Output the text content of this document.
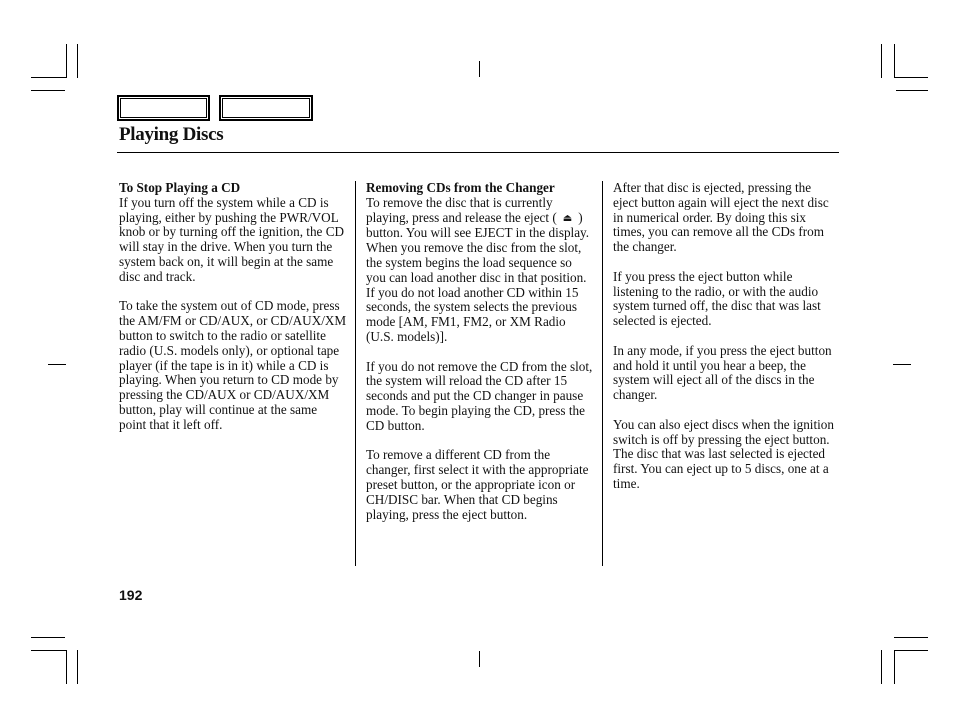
Playing Discs
To Stop Playing a CD

If you turn off the system while a CD is playing, either by pushing the PWR/VOL knob or by turning off the ignition, the CD will stay in the drive. When you turn the system back on, it will begin at the same disc and track.

To take the system out of CD mode, press the AM/FM or CD/AUX, or CD/AUX/XM button to switch to the radio or satellite radio (U.S. models only), or optional tape player (if the tape is in it) while a CD is playing. When you return to CD mode by pressing the CD/AUX or CD/AUX/XM button, play will continue at the same point that it left off.

Removing CDs from the Changer

To remove the disc that is currently playing, press and release the eject ( ⏏ ) button. You will see EJECT in the display. When you remove the disc from the slot, the system begins the load sequence so you can load another disc in that position. If you do not load another CD within 15 seconds, the system selects the previous mode [AM, FM1, FM2, or XM Radio (U.S. models)].

If you do not remove the CD from the slot, the system will reload the CD after 15 seconds and put the CD changer in pause mode. To begin playing the CD, press the CD button.

To remove a different CD from the changer, first select it with the appropriate preset button, or the appropriate icon or CH/DISC bar. When that CD begins playing, press the eject button.

After that disc is ejected, pressing the eject button again will eject the next disc in numerical order. By doing this six times, you can remove all the CDs from the changer.

If you press the eject button while listening to the radio, or with the audio system turned off, the disc that was last selected is ejected.

In any mode, if you press the eject button and hold it until you hear a beep, the system will eject all of the discs in the changer.

You can also eject discs when the ignition switch is off by pressing the eject button. The disc that was last selected is ejected first. You can eject up to 5 discs, one at a time.

192
